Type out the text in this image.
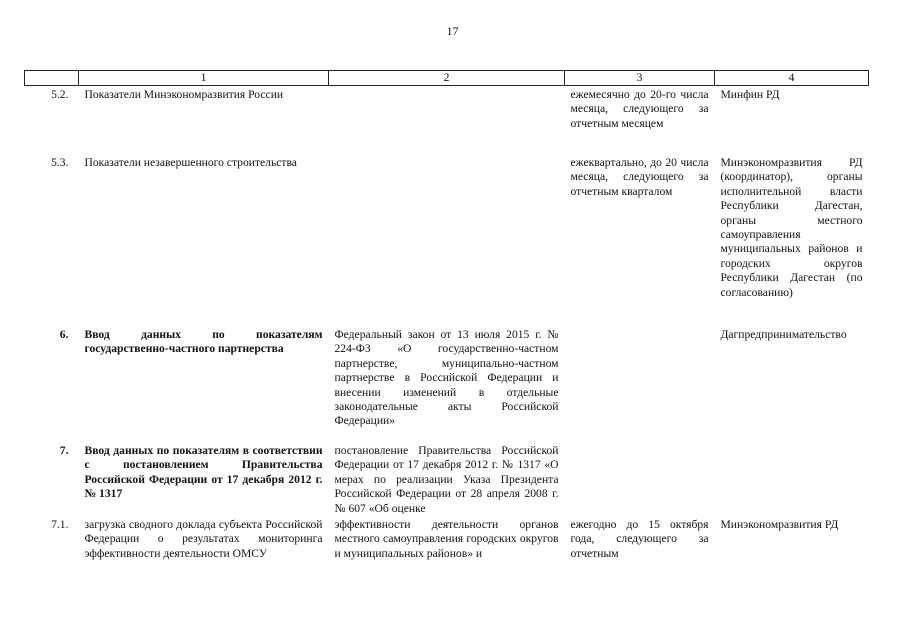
17
	1	2	3	4
5.2.	Показатели Минэкономразвития России		ежемесячно до 20-го числа месяца, следующего за отчетным месяцем	Минфин РД
5.3.	Показатели незавершенного строительства		ежеквартально, до 20 числа месяца, следующего за отчетным кварталом	Минэкономразвития РД (координатор), органы исполнительной власти Республики Дагестан, органы местного самоуправления муниципальных районов и городских округов Республики Дагестан (по согласованию)
6.	Ввод данных по показателям государственно-частного партнерства	Федеральный закон от 13 июля 2015 г. № 224-ФЗ «О государственно-частном партнерстве, муниципально-частном партнерстве в Российской Федерации и внесении изменений в отдельные законодательные акты Российской Федерации»		Дагпредпринимательство
7.	Ввод данных по показателям в соответствии с постановлением Правительства Российской Федерации от 17 декабря 2012 г. № 1317	постановление Правительства Российской Федерации от 17 декабря 2012 г. № 1317 «О мерах по реализации Указа Президента Российской Федерации от 28 апреля 2008 г. № 607 «Об оценке		
7.1.	загрузка сводного доклада субъекта Российской Федерации о результатах мониторинга эффективности деятельности ОМСУ	эффективности деятельности органов местного самоуправления городских округов и муниципальных районов» и	ежегодно до 15 октября года, следующего за отчетным	Минэкономразвития РД
